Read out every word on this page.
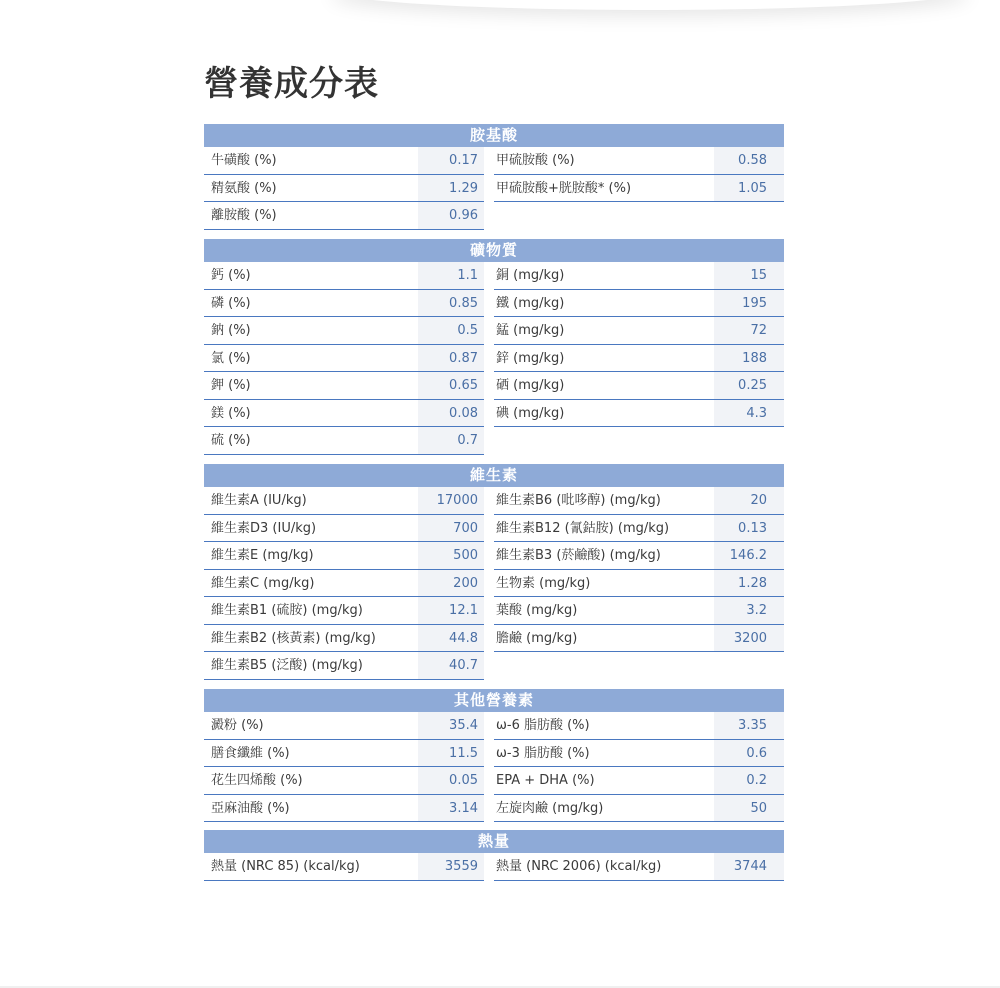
營養成分表
胺基酸
牛磺酸 (%)	0.17	甲硫胺酸 (%)	0.58
精氨酸 (%)	1.29	甲硫胺酸+胱胺酸* (%)	1.05
離胺酸 (%)	0.96
礦物質
鈣 (%)	1.1	銅 (mg/kg)	15
磷 (%)	0.85	鐵 (mg/kg)	195
鈉 (%)	0.5	錳 (mg/kg)	72
氯 (%)	0.87	鋅 (mg/kg)	188
鉀 (%)	0.65	硒 (mg/kg)	0.25
鎂 (%)	0.08	碘 (mg/kg)	4.3
硫 (%)	0.7
維生素
維生素A (IU/kg)	17000	維生素B6 (吡哆醇) (mg/kg)	20
維生素D3 (IU/kg)	700	維生素B12 (氰鈷胺) (mg/kg)	0.13
維生素E (mg/kg)	500	維生素B3 (菸鹼酸) (mg/kg)	146.2
維生素C (mg/kg)	200	生物素 (mg/kg)	1.28
維生素B1 (硫胺) (mg/kg)	12.1	葉酸 (mg/kg)	3.2
維生素B2 (核黃素) (mg/kg)	44.8	膽鹼 (mg/kg)	3200
維生素B5 (泛酸) (mg/kg)	40.7
其他營養素
澱粉 (%)	35.4	ω-6 脂肪酸 (%)	3.35
膳食纖維 (%)	11.5	ω-3 脂肪酸 (%)	0.6
花生四烯酸 (%)	0.05	EPA + DHA (%)	0.2
亞麻油酸 (%)	3.14	左旋肉鹼 (mg/kg)	50
熱量
熱量 (NRC 85) (kcal/kg)	3559	熱量 (NRC 2006) (kcal/kg)	3744
